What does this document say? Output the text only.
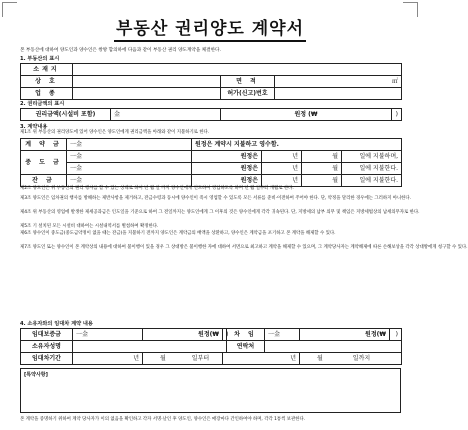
부동산 권리양도 계약서
본 부동산에 대하여 양도인과 양수인은 쌍방 합의하에 다음과 같이 부동산 권리 양도계약을 체결한다.
1. 부동산의 표시
소재지			
상 호		면 적	㎡
업 종		허가(신고)번호	
2. 권리금액의 표시
권리금액(시설비 포함)	金	원정 (₩	)
3. 계약내용
제1조 위 부동산의 권리양도에 있어 양수인은 양도인에게 권리금액을 아래와 같이 지불하기로 한다.
계 약 금	一金	원정은 계약시 지불하고 영수함.			
중 도 금	一金	원정은	년	월	일에 지불하며,
	一金	원정은	년	월	일에 지불한다.
잔 금	一金	원정은	년	월	일에 지불한다.
제2조 양도인은 위 부동산의 권리 행사를 할 수 있는 상태로 하여 년 월 일 까지 양수인에게 인도하여 영업하도록 하며 년 월 일부터 개월로 한다.
제3조 양도인은 임차권의 행사를 방해하는 제반사항을 제거하고, 잔금수령과 동시에 양수인이 즉시 영업할 수 있도록 모든 서류를 준비·이전하여 주어야 한다. 단, 약정을 달리한 경우에는 그러하지 아니한다.
제4조 위 부동산의 영업에 발생한 제세공과금은 인도일을 기준으로 하여 그 전일까지는 양도인에게 그 이후의 것은 양수인에게 각각 귀속된다. 단, 지방세의 납부 의무 및 책임은 지방세법상의 납세의무자로 한다.
제5조 기 설치된 모든 시설비 대하여는 시설내역서를 별첨하여 확정한다.
제6조 양수인이 중도금(중도금약정이 없을 때는 잔금)을 지불하기 전까지 양도인은 계약금의 배액을 상환하고, 양수인은 계약금을 포기하고 본 계약을 해제할 수 있다.
제7조 양도인 또는 양수인이 본 계약상의 내용에 대하여 불이행이 있을 경우 그 상대방은 불이행한 자에 대하여 서면으로 최고하고 계약을 해제할 수 있으며, 그 계약당사자는 계약해제에 따른 손해보상을 각각 상대방에게 청구할 수 있다.
4. 소유자와의 임대차 계약 내용
임대보증금	一金	원정(₩	)	차 임	一金	원정(₩	)
소유자성명				연락처			
임대차기간	년	월 일부터	년			월 일까지	
[특약사항]
본 계약을 증명하기 위하여 계약 당사자가 이의 없음을 확인하고 각자 서명·날인 후 양도인, 양수인은 매장마다 간인하여야 하며, 각각 1통씩 보관한다.
